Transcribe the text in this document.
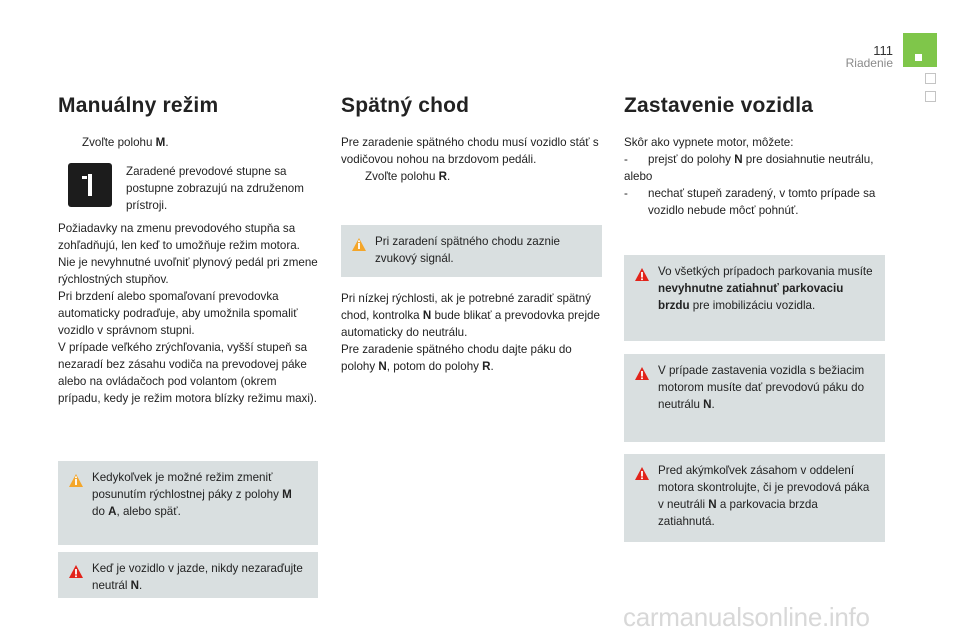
111
Riadenie
Manuálny režim
Zvoľte polohu M.
Zaradené prevodové stupne sa postupne zobrazujú na združenom prístroji.

Požiadavky na zmenu prevodového stupňa sa zohľadňujú, len keď to umožňuje režim motora.

Nie je nevyhnutné uvoľniť plynový pedál pri zmene rýchlostných stupňov.

Pri brzdení alebo spomaľovaní prevodovka automaticky podraďuje, aby umožnila spomaliť vozidlo v správnom stupni.

V prípade veľkého zrýchľovania, vyšší stupeň sa nezaradí bez zásahu vodiča na prevodovej páke alebo na ovládačoch pod volantom (okrem prípadu, kedy je režim motora blízky režimu maxi).

Kedykoľvek je možné režim zmeniť posunutím rýchlostnej páky z polohy M do A, alebo späť.
Keď je vozidlo v jazde, nikdy nezaraďujte neutrál N.
Spätný chod

Pre zaradenie spätného chodu musí vozidlo stáť s vodičovou nohou na brzdovom pedáli.

Zvoľte polohu R.
Pri zaradení spätného chodu zaznie zvukový signál.

Pri nízkej rýchlosti, ak je potrebné zaradiť spätný chod, kontrolka N bude blikať a prevodovka prejde automaticky do neutrálu.

Pre zaradenie spätného chodu dajte páku do polohy N, potom do polohy R.

Zastavenie vozidla

Skôr ako vypnete motor, môžete:

- prejsť do polohy N pre dosiahnutie neutrálu,

alebo

- nechať stupeň zaradený, v tomto prípade sa vozidlo nebude môcť pohnúť.
Vo všetkých prípadoch parkovania musíte nevyhnutne zatiahnuť parkovaciu brzdu pre imobilizáciu vozidla.
V prípade zastavenia vozidla s bežiacim motorom musíte dať prevodovú páku do neutrálu N.
Pred akýmkoľvek zásahom v oddelení motora skontrolujte, či je prevodová páka v neutráli N a parkovacia brzda zatiahnutá.
carmanualsonline.info
